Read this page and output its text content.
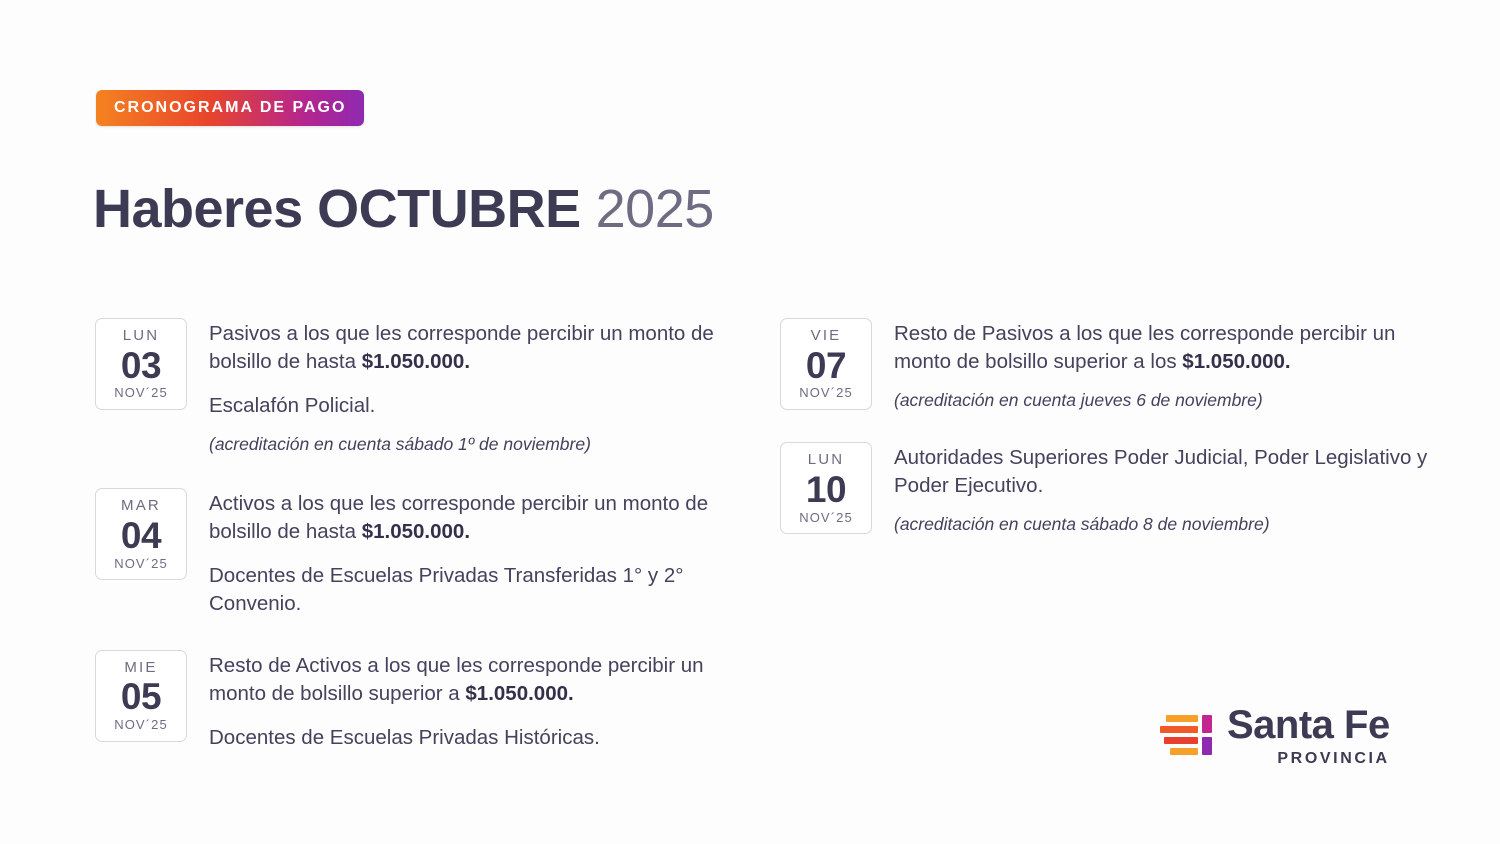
CRONOGRAMA DE PAGO
Haberes OCTUBRE 2025
LUN
03
NOV´25
Pasivos a los que les corresponde percibir un monto de bolsillo de hasta $1.050.000.
Escalafón Policial.
(acreditación en cuenta sábado 1º de noviembre)
MAR
04
NOV´25
Activos a los que les corresponde percibir un monto de bolsillo de hasta $1.050.000.
Docentes de Escuelas Privadas Transferidas 1° y 2° Convenio.
MIE
05
NOV´25
Resto de Activos a los que les corresponde percibir un monto de bolsillo superior a $1.050.000.
Docentes de Escuelas Privadas Históricas.
VIE
07
NOV´25
Resto de Pasivos a los que les corresponde percibir un monto de bolsillo superior a los $1.050.000.
(acreditación en cuenta jueves 6 de noviembre)
LUN
10
NOV´25
Autoridades Superiores Poder Judicial, Poder Legislativo y Poder Ejecutivo.
(acreditación en cuenta sábado 8 de noviembre)
Santa Fe
PROVINCIA
